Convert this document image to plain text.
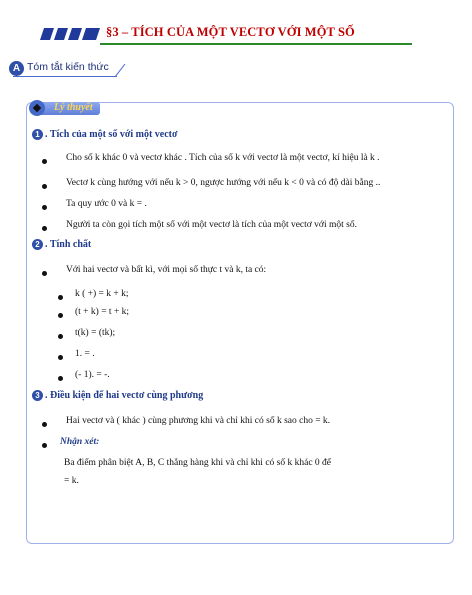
§3 – TÍCH CỦA MỘT VECTƠ VỚI MỘT SỐ
A Tóm tắt kiến thức
Lý thuyết
1 . Tích của một số với một vectơ
Cho số k khác 0 và vectơ khác . Tích của số k với vectơ là một vectơ, kí hiệu là k .
Vectơ k cùng hướng với nếu k > 0, ngược hướng với nếu k < 0 và có độ dài bằng ..
Ta quy ước 0 và k = .
Người ta còn gọi tích một số với một vectơ là tích của một vectơ với một số.
2 . Tính chất
Với hai vectơ và bất kì, với mọi số thực t và k, ta có:
k ( +) = k + k;
(t + k) = t + k;
t(k) = (tk);
1. = .
(- 1). = -.
3 . Điều kiện để hai vectơ cùng phương
Hai vectơ và ( khác ) cùng phương khi và chỉ khi có số k sao cho = k.
Nhận xét:
Ba điểm phân biệt A, B, C thẳng hàng khi và chỉ khi có số k khác 0 để
= k.
